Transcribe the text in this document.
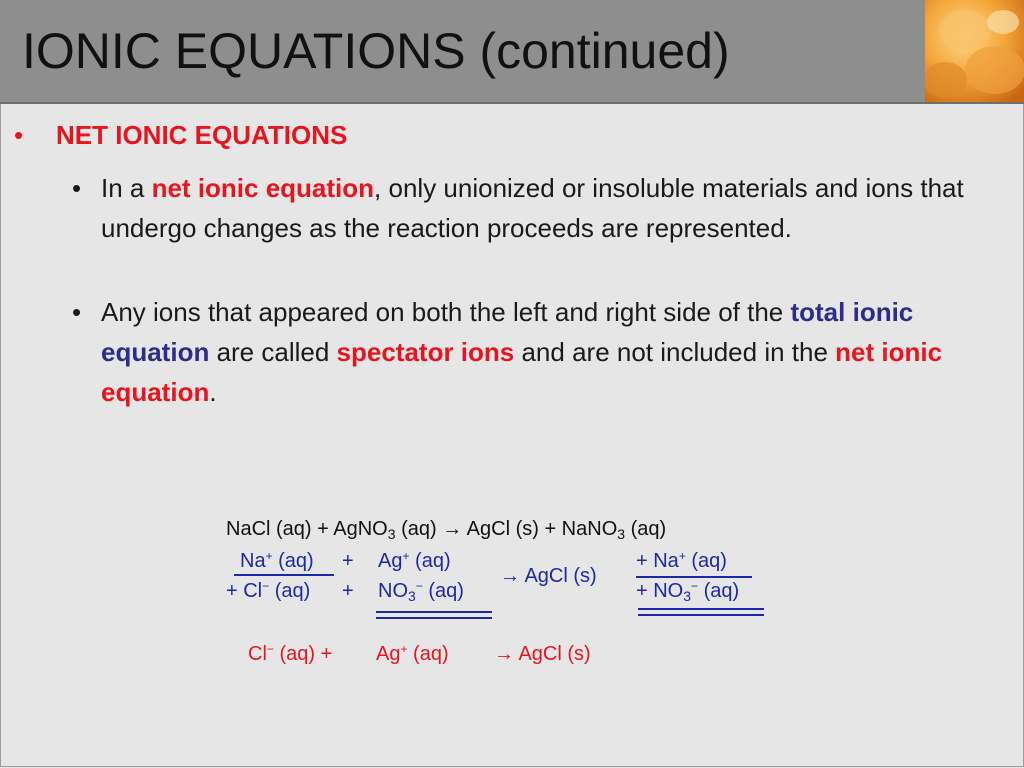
IONIC EQUATIONS (continued)
• NET IONIC EQUATIONS
• In a net ionic equation, only unionized or insoluble materials and ions that undergo changes as the reaction proceeds are represented.
• Any ions that appeared on both the left and right side of the total ionic equation are called spectator ions and are not included in the net ionic equation.
NaCl (aq) + AgNO$_3$ (aq) → AgCl (s) + NaNO$_3$ (aq)
Na+ (aq) + Ag+ (aq)
+ Cl− $(aq) + NO_3^-$ (aq)
→ AgCl (s)
+ Na+ (aq)
+ $NO_3^-$ (aq)
Cl− (aq) + Ag+ (aq) → AgCl (s)
